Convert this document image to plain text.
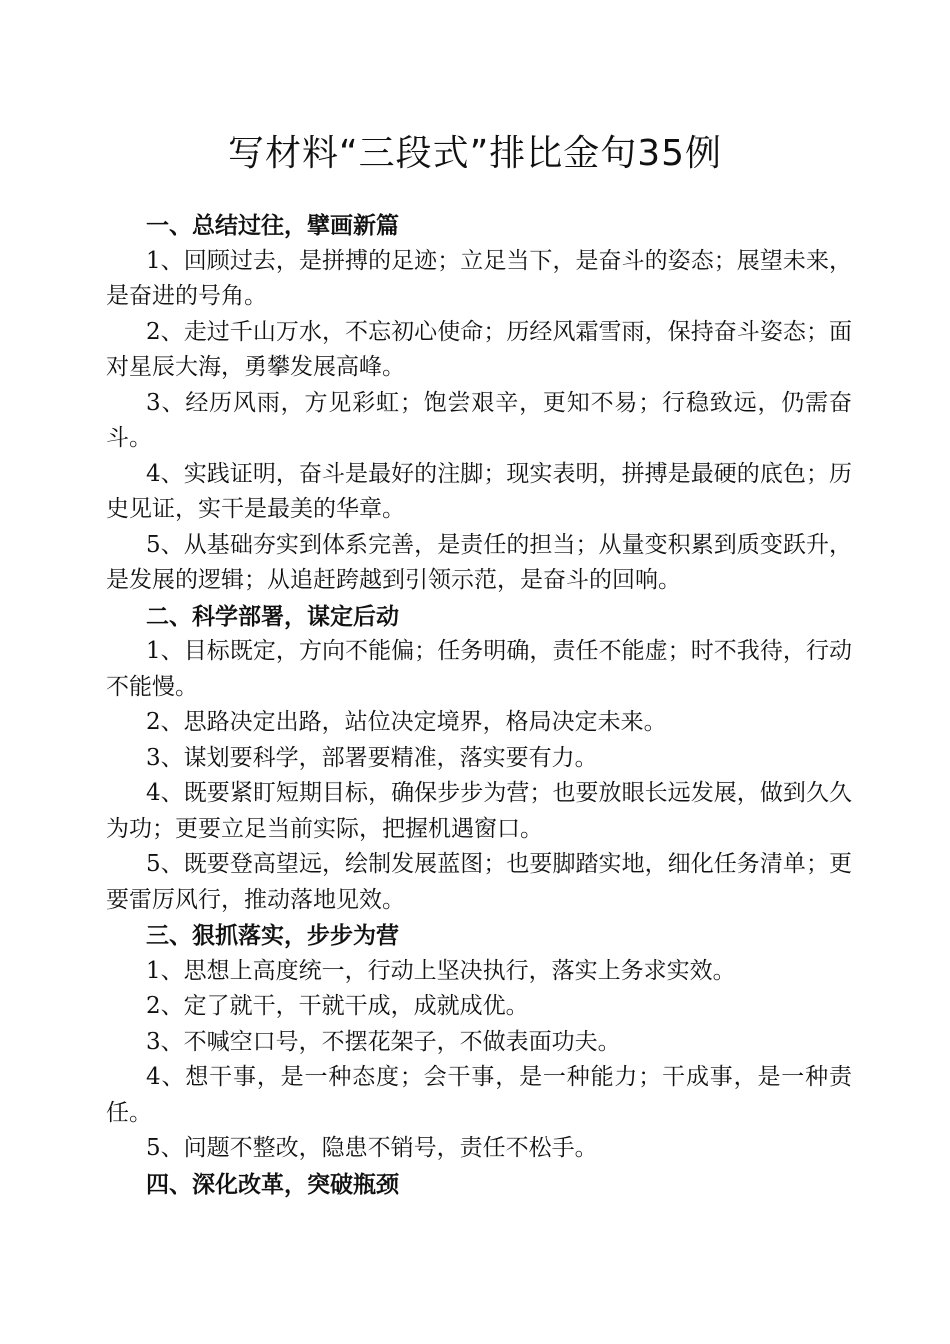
写材料“三段式”排比金句35例

一、总结过往，擘画新篇

1、回顾过去，是拼搏的足迹；立足当下，是奋斗的姿态；展望未来，是奋进的号角。

2、走过千山万水，不忘初心使命；历经风霜雪雨，保持奋斗姿态；面对星辰大海，勇攀发展高峰。

3、经历风雨，方见彩虹；饱尝艰辛，更知不易；行稳致远，仍需奋斗。

4、实践证明，奋斗是最好的注脚；现实表明，拼搏是最硬的底色；历史见证，实干是最美的华章。

5、从基础夯实到体系完善，是责任的担当；从量变积累到质变跃升，是发展的逻辑；从追赶跨越到引领示范，是奋斗的回响。

二、科学部署，谋定后动

1、目标既定，方向不能偏；任务明确，责任不能虚；时不我待，行动不能慢。

2、思路决定出路，站位决定境界，格局决定未来。

3、谋划要科学，部署要精准，落实要有力。

4、既要紧盯短期目标，确保步步为营；也要放眼长远发展，做到久久为功；更要立足当前实际，把握机遇窗口。

5、既要登高望远，绘制发展蓝图；也要脚踏实地，细化任务清单；更要雷厉风行，推动落地见效。

三、狠抓落实，步步为营

1、思想上高度统一，行动上坚决执行，落实上务求实效。

2、定了就干，干就干成，成就成优。

3、不喊空口号，不摆花架子，不做表面功夫。

4、想干事，是一种态度；会干事，是一种能力；干成事，是一种责任。

5、问题不整改，隐患不销号，责任不松手。

四、深化改革，突破瓶颈
